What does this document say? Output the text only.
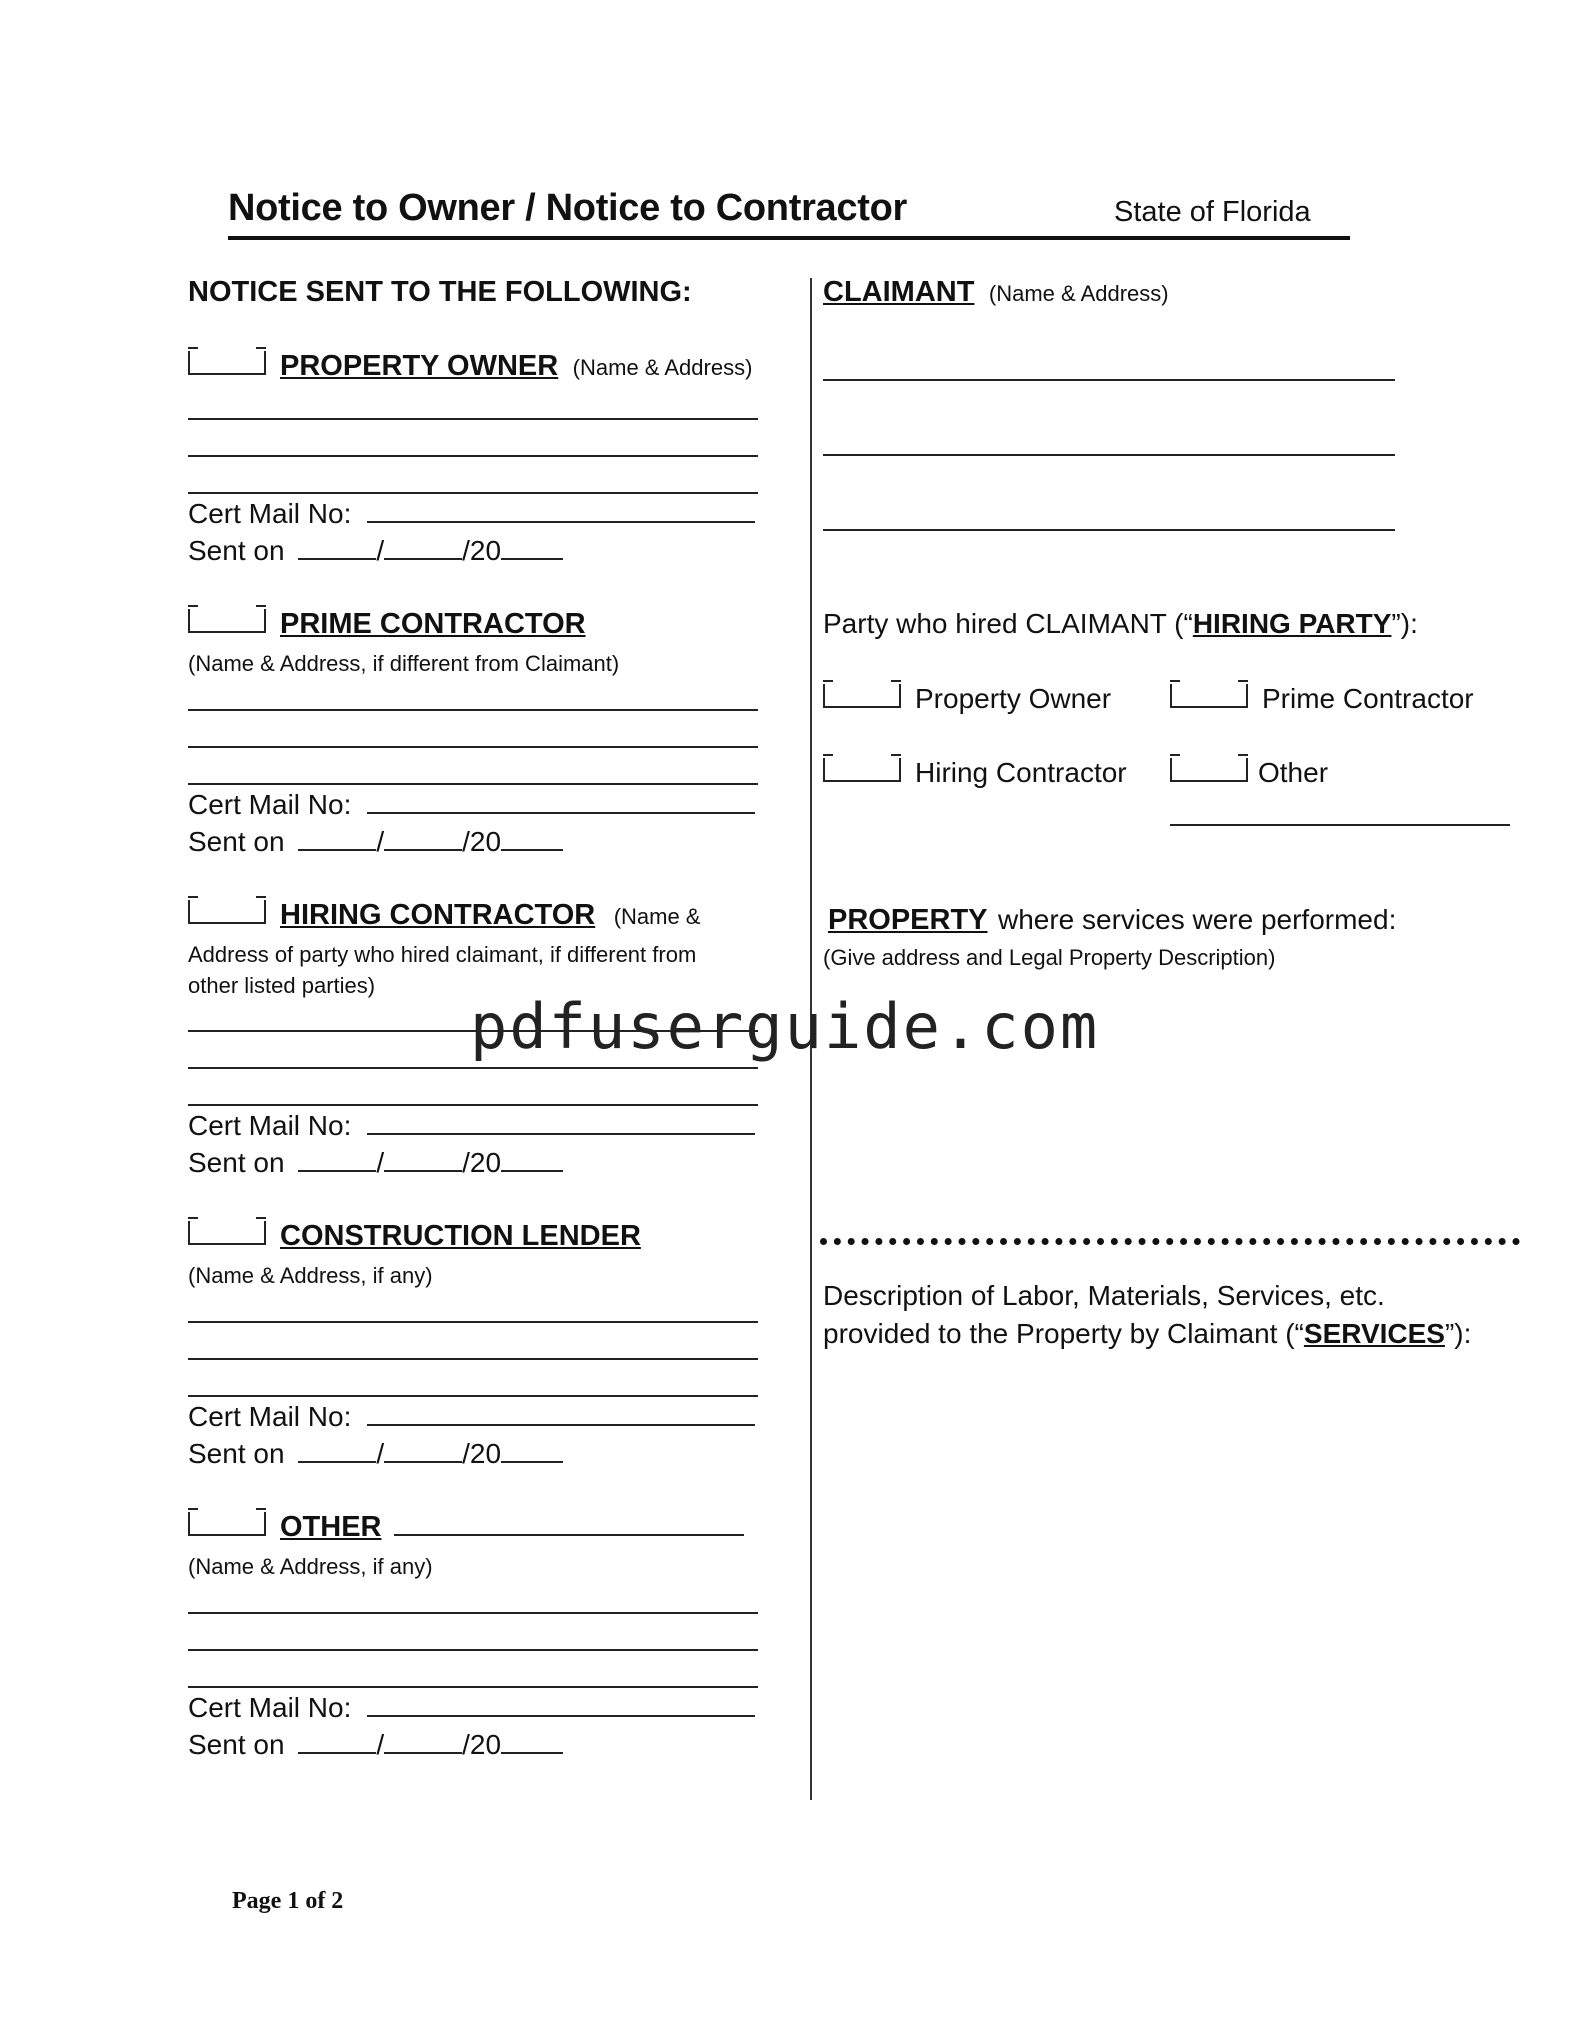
Notice to Owner / Notice to Contractor	State of Florida
NOTICE SENT TO THE FOLLOWING:
PROPERTY OWNER (Name & Address)
Cert Mail No:
Sent on	/	/20
PRIME CONTRACTOR
(Name & Address, if different from Claimant)
Cert Mail No:
Sent on	/	/20
HIRING CONTRACTOR (Name &
Address of party who hired claimant, if different from
other listed parties)
Cert Mail No:
Sent on	/	/20
CONSTRUCTION LENDER
(Name & Address, if any)
Cert Mail No:
Sent on	/	/20
OTHER
(Name & Address, if any)
Cert Mail No:
Sent on	/	/20
CLAIMANT (Name & Address)
Party who hired CLAIMANT (“HIRING PARTY”):
Property Owner	Prime Contractor
Hiring Contractor	Other
PROPERTY where services were performed:
(Give address and Legal Property Description)
Description of Labor, Materials, Services, etc.
provided to the Property by Claimant (“SERVICES”):
Page 1 of 2
pdfuserguide.com
